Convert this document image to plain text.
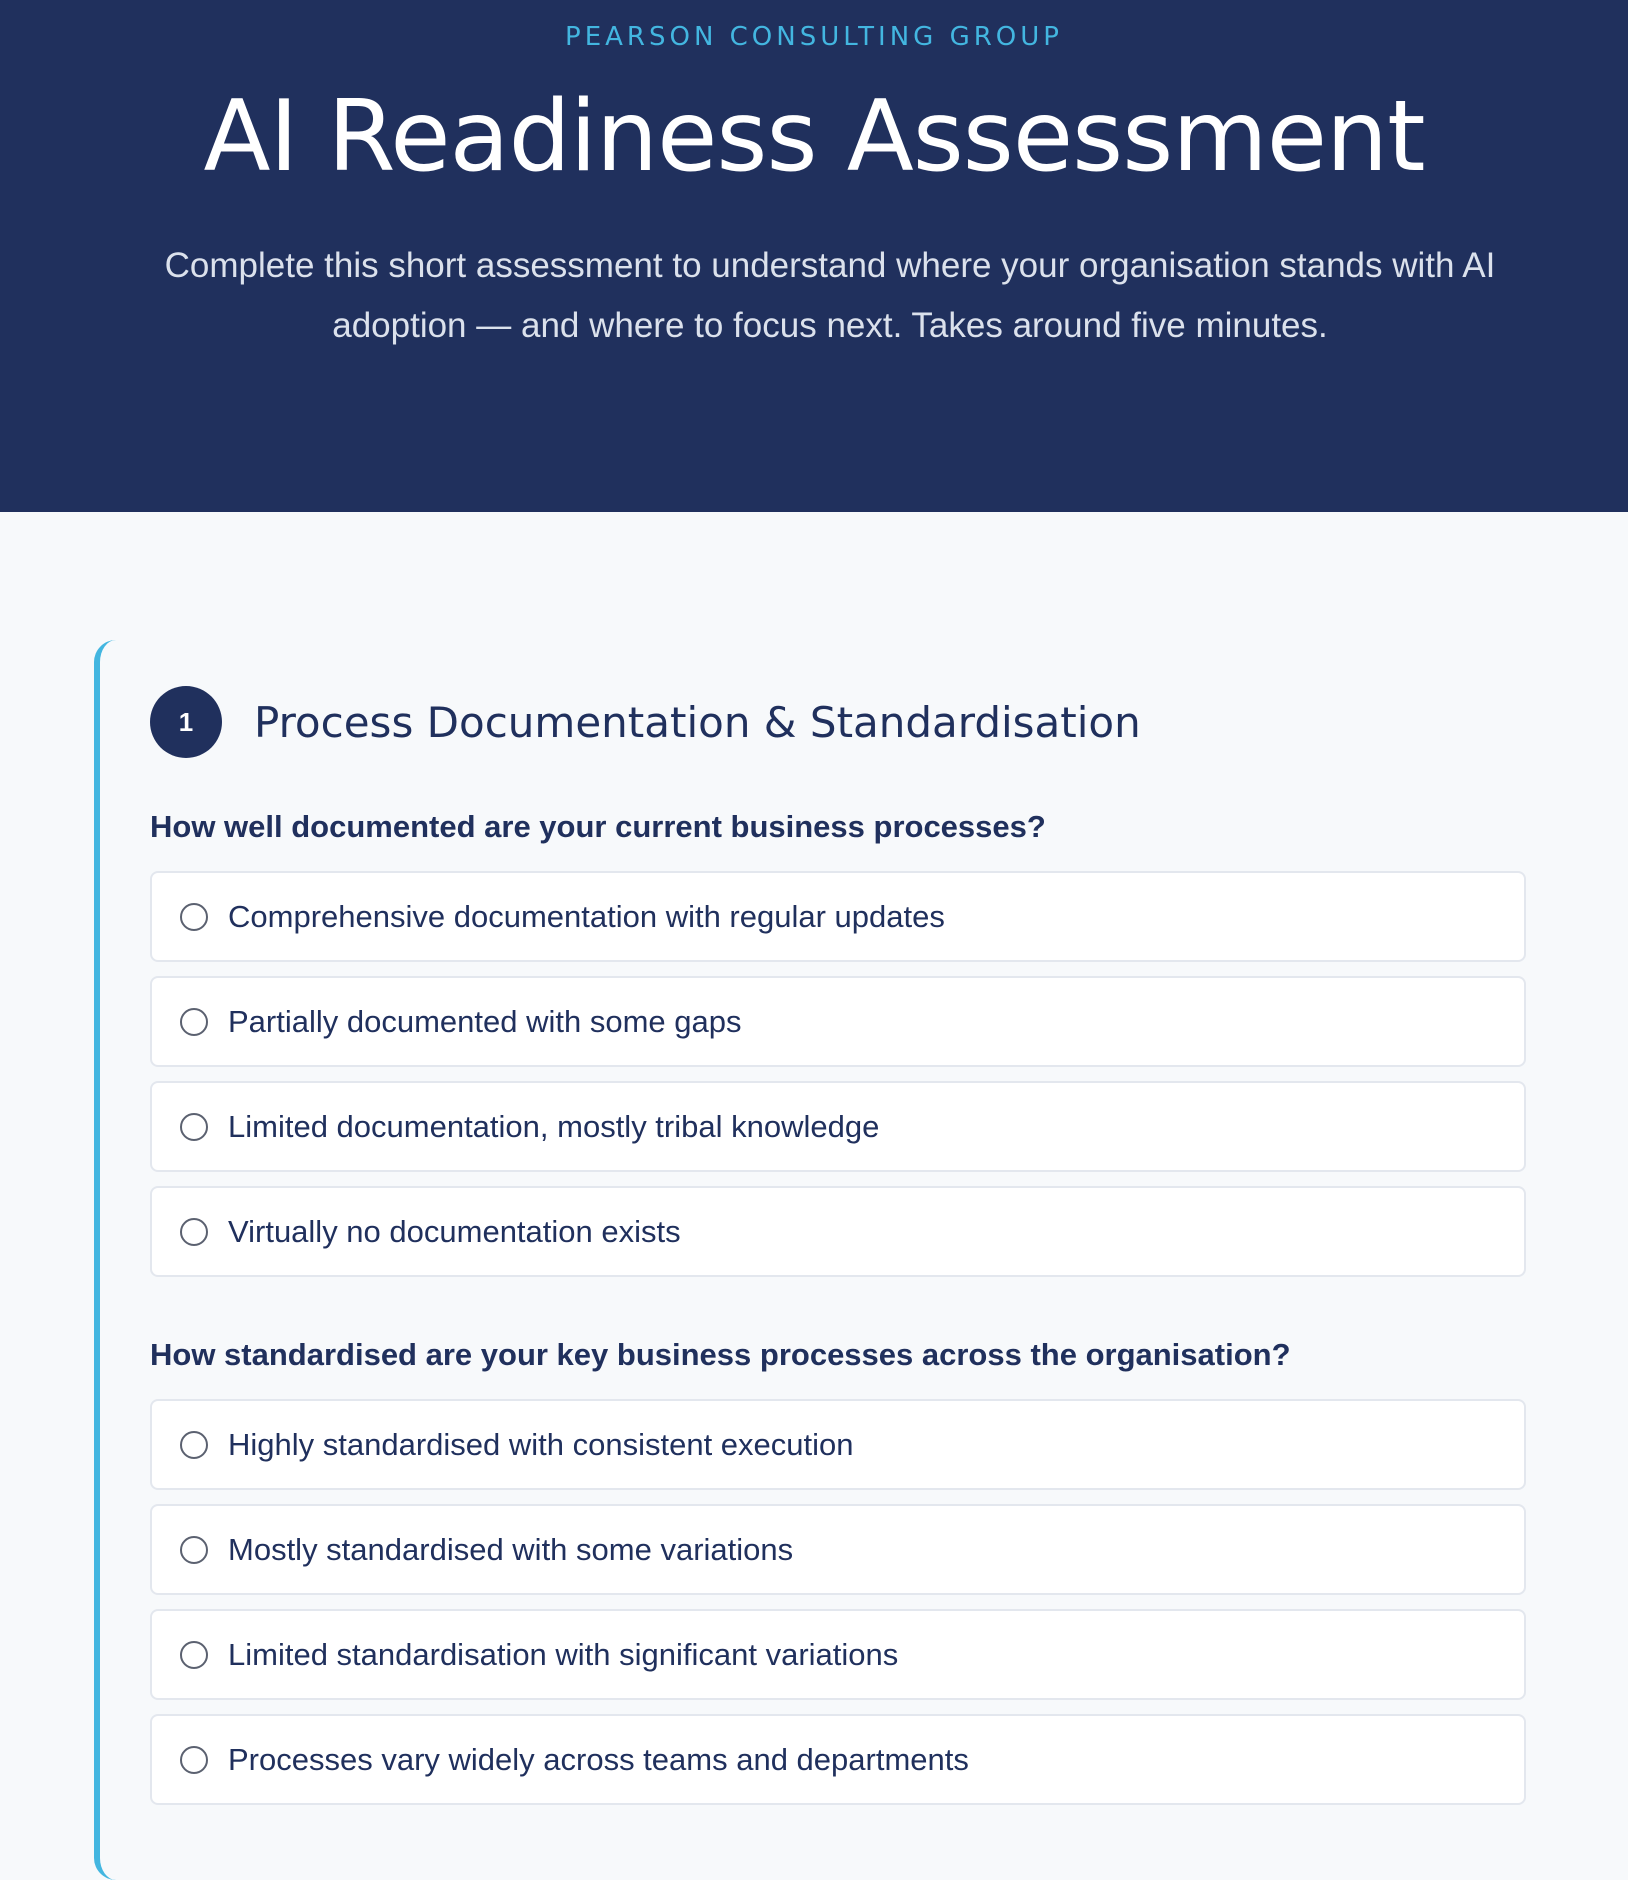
PEARSON CONSULTING GROUP
AI Readiness Assessment

Complete this short assessment to understand where your organisation stands with AI adoption — and where to focus next. Takes around five minutes.

1	Process Documentation & Standardisation
How well documented are your current business processes?
Comprehensive documentation with regular updates
Partially documented with some gaps
Limited documentation, mostly tribal knowledge
Virtually no documentation exists
How standardised are your key business processes across the organisation?
Highly standardised with consistent execution
Mostly standardised with some variations
Limited standardisation with significant variations
Processes vary widely across teams and departments
